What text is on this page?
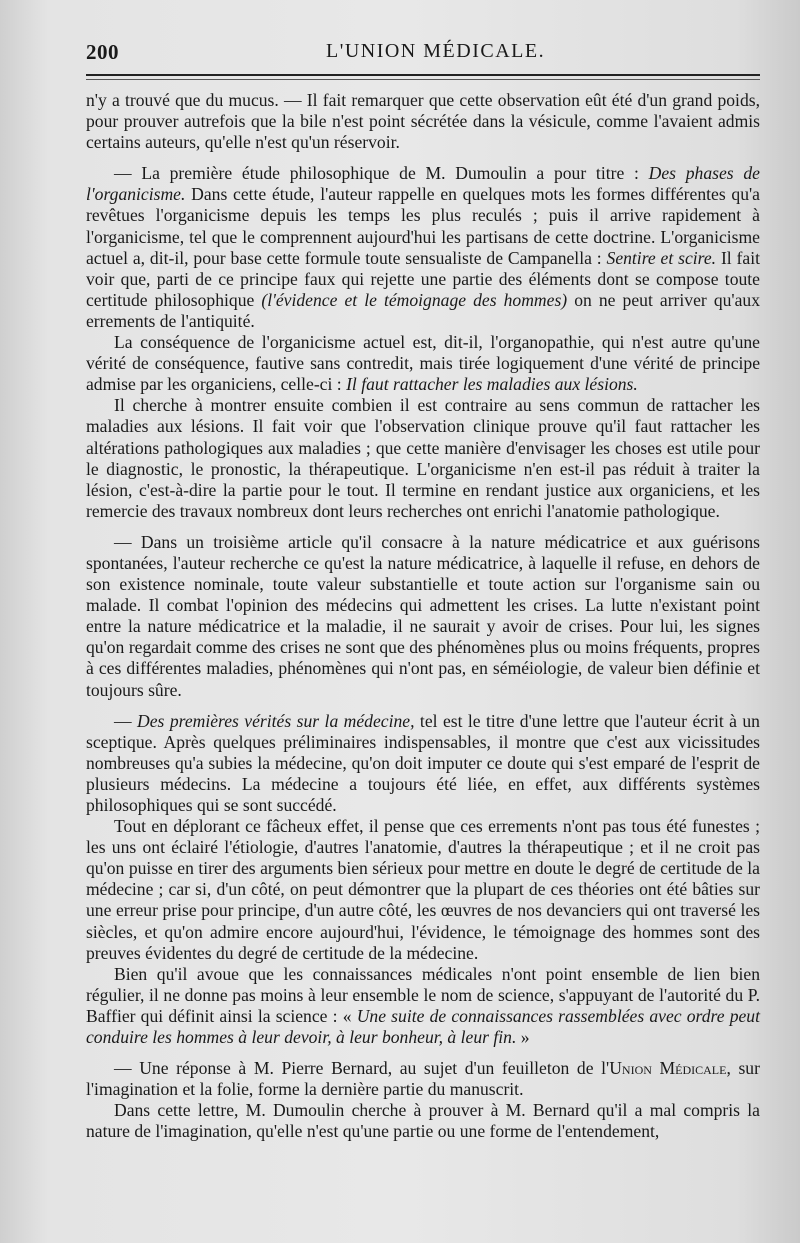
200	L'UNION MÉDICALE.

n'y a trouvé que du mucus. — Il fait remarquer que cette observation eût été d'un grand poids, pour prouver autrefois que la bile n'est point sécrétée dans la vésicule, comme l'avaient admis certains auteurs, qu'elle n'est qu'un réservoir.

— La première étude philosophique de M. Dumoulin a pour titre : Des phases de l'organicisme. Dans cette étude, l'auteur rappelle en quelques mots les formes différentes qu'a revêtues l'organicisme depuis les temps les plus reculés ; puis il arrive rapidement à l'organicisme, tel que le comprennent aujourd'hui les partisans de cette doctrine. L'organicisme actuel a, dit-il, pour base cette formule toute sensualiste de Campanella : Sentire et scire. Il fait voir que, parti de ce principe faux qui rejette une partie des éléments dont se compose toute certitude philosophique (l'évidence et le témoignage des hommes) on ne peut arriver qu'aux errements de l'antiquité.

La conséquence de l'organicisme actuel est, dit-il, l'organopathie, qui n'est autre qu'une vérité de conséquence, fautive sans contredit, mais tirée logiquement d'une vérité de principe admise par les organiciens, celle-ci : Il faut rattacher les maladies aux lésions.

Il cherche à montrer ensuite combien il est contraire au sens commun de rattacher les maladies aux lésions. Il fait voir que l'observation clinique prouve qu'il faut rattacher les altérations pathologiques aux maladies ; que cette manière d'envisager les choses est utile pour le diagnostic, le pronostic, la thérapeutique. L'organicisme n'en est-il pas réduit à traiter la lésion, c'est-à-dire la partie pour le tout. Il termine en rendant justice aux organiciens, et les remercie des travaux nombreux dont leurs recherches ont enrichi l'anatomie pathologique.

— Dans un troisième article qu'il consacre à la nature médicatrice et aux guérisons spontanées, l'auteur recherche ce qu'est la nature médicatrice, à laquelle il refuse, en dehors de son existence nominale, toute valeur substantielle et toute action sur l'organisme sain ou malade. Il combat l'opinion des médecins qui admettent les crises. La lutte n'existant point entre la nature médicatrice et la maladie, il ne saurait y avoir de crises. Pour lui, les signes qu'on regardait comme des crises ne sont que des phénomènes plus ou moins fréquents, propres à ces différentes maladies, phénomènes qui n'ont pas, en séméiologie, de valeur bien définie et toujours sûre.

— Des premières vérités sur la médecine, tel est le titre d'une lettre que l'auteur écrit à un sceptique. Après quelques préliminaires indispensables, il montre que c'est aux vicissitudes nombreuses qu'a subies la médecine, qu'on doit imputer ce doute qui s'est emparé de l'esprit de plusieurs médecins. La médecine a toujours été liée, en effet, aux différents systèmes philosophiques qui se sont succédé.

Tout en déplorant ce fâcheux effet, il pense que ces errements n'ont pas tous été funestes ; les uns ont éclairé l'étiologie, d'autres l'anatomie, d'autres la thérapeutique ; et il ne croit pas qu'on puisse en tirer des arguments bien sérieux pour mettre en doute le degré de certitude de la médecine ; car si, d'un côté, on peut démontrer que la plupart de ces théories ont été bâties sur une erreur prise pour principe, d'un autre côté, les œuvres de nos devanciers qui ont traversé les siècles, et qu'on admire encore aujourd'hui, l'évidence, le témoignage des hommes sont des preuves évidentes du degré de certitude de la médecine.

Bien qu'il avoue que les connaissances médicales n'ont point ensemble de lien bien régulier, il ne donne pas moins à leur ensemble le nom de science, s'appuyant de l'autorité du P. Baffier qui définit ainsi la science : « Une suite de connaissances rassemblées avec ordre peut conduire les hommes à leur devoir, à leur bonheur, à leur fin. »

— Une réponse à M. Pierre Bernard, au sujet d'un feuilleton de l'Union Médicale, sur l'imagination et la folie, forme la dernière partie du manuscrit.

Dans cette lettre, M. Dumoulin cherche à prouver à M. Bernard qu'il a mal compris la nature de l'imagination, qu'elle n'est qu'une partie ou une forme de l'entendement,
